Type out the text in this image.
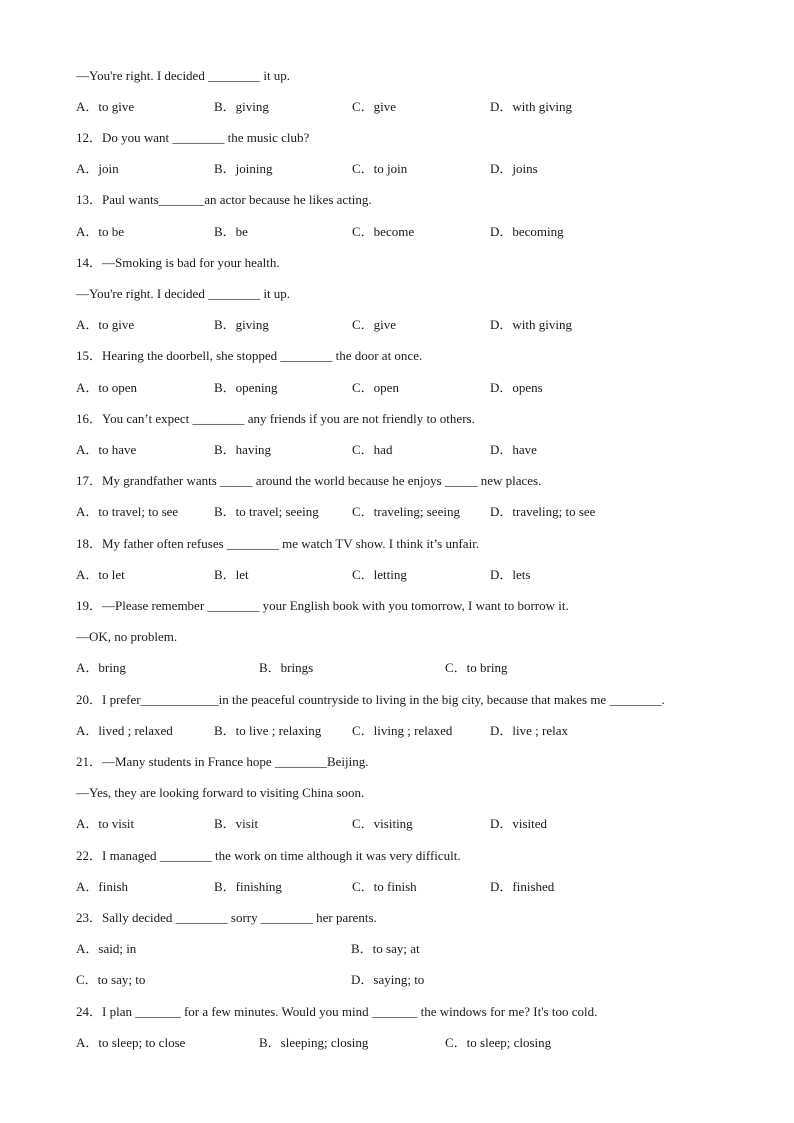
—You're right. I decided ________ it up.
A．to give	B．giving	C．give	D．with giving
12．Do you want ________ the music club?
A．join	B．joining	C．to join	D．joins
13．Paul wants_______an actor because he likes acting.
A．to be	B．be	C．become	D．becoming
14．—Smoking is bad for your health.
—You're right. I decided ________ it up.
A．to give	B．giving	C．give	D．with giving
15．Hearing the doorbell, she stopped ________ the door at once.
A．to open	B．opening	C．open	D．opens
16．You can’t expect ________ any friends if you are not friendly to others.
A．to have	B．having	C．had	D．have
17．My grandfather wants _____ around the world because he enjoys _____ new places.
A．to travel; to see	B．to travel; seeing	C．traveling; seeing D．traveling; to see
18．My father often refuses ________ me watch TV show. I think it’s unfair.
A．to let	B．let	C．letting	D．lets
19．—Please remember ________ your English book with you tomorrow, I want to borrow it.
—OK, no problem.
A．bring	B．brings	C．to bring
20．I prefer____________in the peaceful countryside to living in the big city, because that makes me ________.
A．lived ; relaxed	B．to live ; relaxing C．living ; relaxed	D．live ; relax
21．—Many students in France hope ________Beijing.
—Yes, they are looking forward to visiting China soon.
A．to visit	B．visit	C．visiting	D．visited
22．I managed ________ the work on time although it was very difficult.
A．finish	B．finishing	C．to finish	D．finished
23．Sally decided ________ sorry ________ her parents.
A．said; in	B．to say; at
C．to say; to	D．saying; to
24．I plan _______ for a few minutes. Would you mind _______ the windows for me? It's too cold.
A．to sleep; to close	B．sleeping; closing	C．to sleep; closing
